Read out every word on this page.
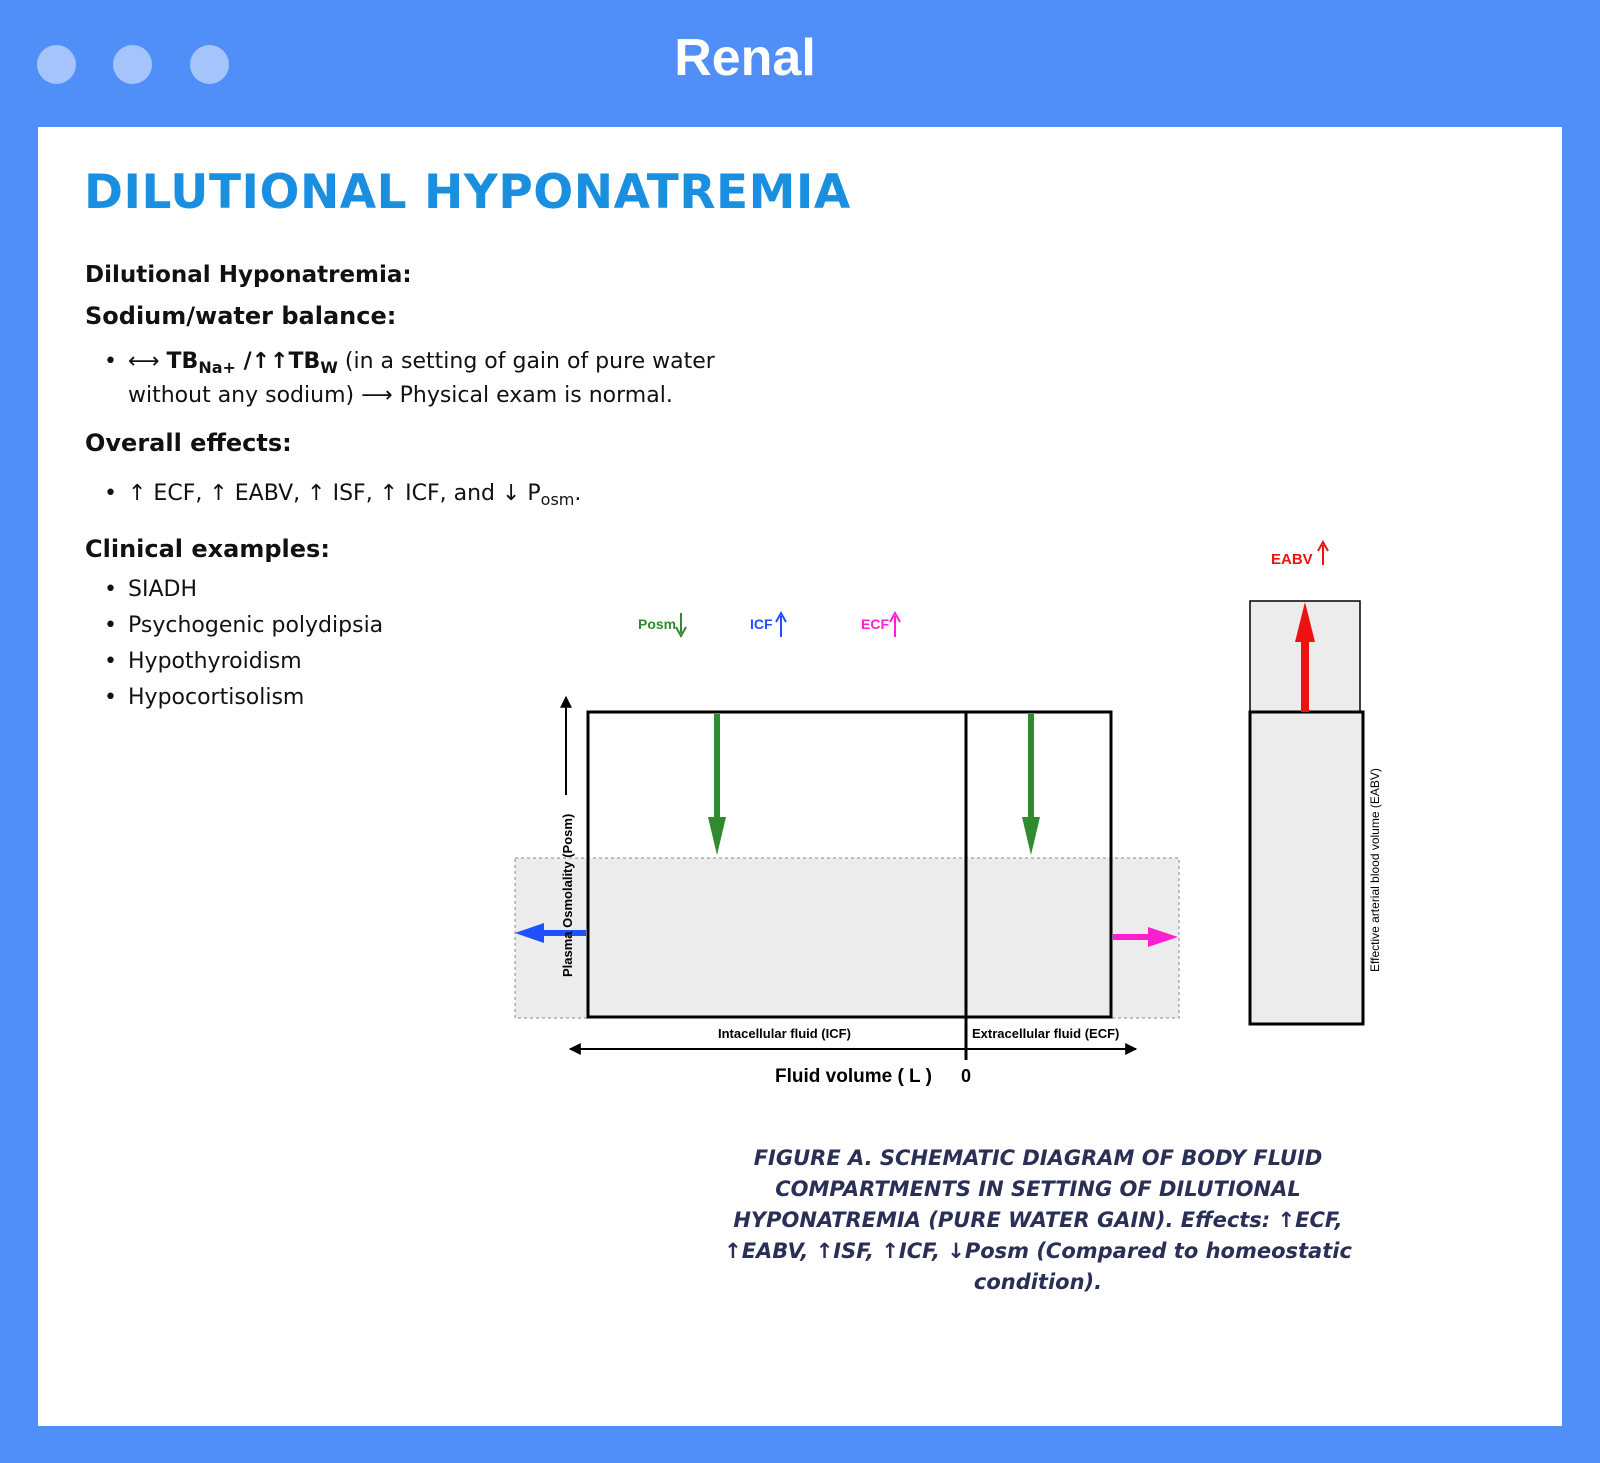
Renal
DILUTIONAL HYPONATREMIA

Dilutional Hyponatremia:

Sodium/water balance:

• ⟷ $TB_{Na+}$ $/↑↑TB_W$ (in a setting of gain of pure water without any sodium) ⟶ Physical exam is normal.

Overall effects:

• ↑ ECF, ↑ EABV, ↑ ISF, ↑ ICF, and ↓ $P_{osm}$.

Clinical examples:

• SIADH
• Psychogenic polydipsia
• Hypothyroidism
• Hypocortisolism
Posm	ICF	ECF
EABV
Plasma Osmolality (Posm)
Intacellular fluid (ICF)	Extracellular fluid (ECF)
Fluid volume ( L ) 0
Effective arterial blood volume (EABV)
FIGURE A. SCHEMATIC DIAGRAM OF BODY FLUID
COMPARTMENTS IN SETTING OF DILUTIONAL
HYPONATREMIA (PURE WATER GAIN). Effects: ↑ECF,
↑EABV, ↑ISF, ↑ICF, ↓Posm (Compared to homeostatic condition).
